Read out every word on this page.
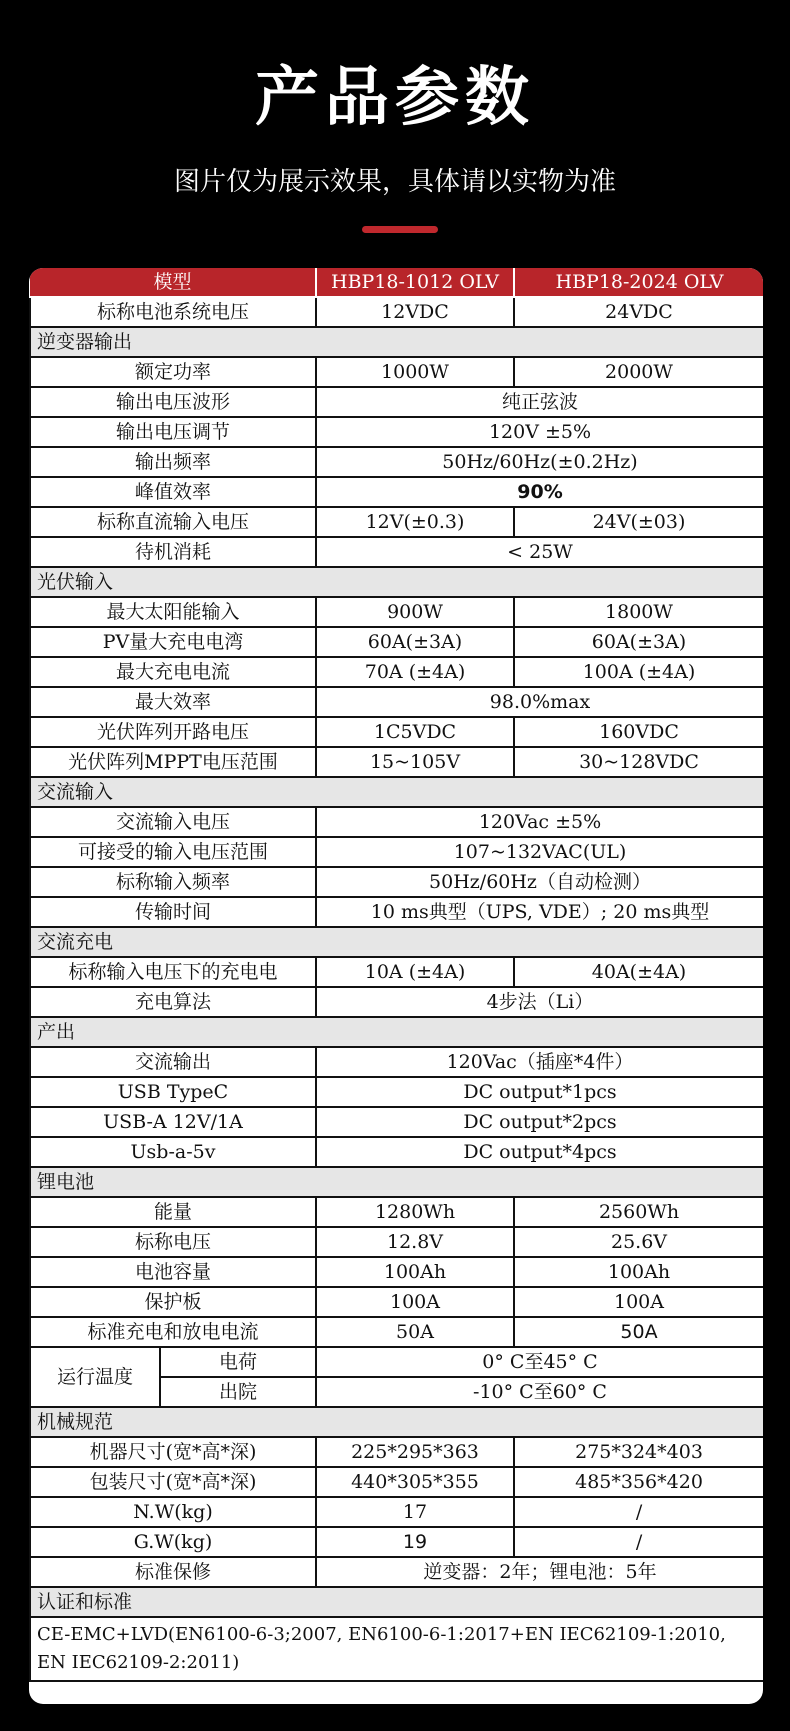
产品参数
图片仅为展示效果，具体请以实物为准
模型	HBP18-1012 OLV	HBP18-2024 OLV
标称电池系统电压	12VDC	24VDC
逆变器输出		
额定功率	1000W	2000W
输出电压波形	纯正弦波	
输出电压调节	120V ±5%	
输出频率	50Hz/60Hz(±0.2Hz)	
峰值效率	90%	
标称直流输入电压	12V(±0.3)	24V(±03)
待机消耗	< 25W	
光伏输入		
最大太阳能输入	900W	1800W
PV量大充电电湾	60A(±3A)	60A(±3A)
最大充电电流	70A (±4A)	100A (±4A)
最大效率	98.0%max	
光伏阵列开路电压	1C5VDC	160VDC
光伏阵列MPPT电压范围	15~105V	30~128VDC
交流输入		
交流输入电压	120Vac ±5%	
可接受的输入电压范围	107~132VAC(UL)	
标称输入频率	50Hz/60Hz（自动检测）	
传输时间	10 ms典型（UPS, VDE）; 20 ms典型	
交流充电		
标称输入电压下的充电电	10A (±4A)	40A(±4A)
充电算法	4步法（Li）	
产出		
交流输出	120Vac（插座*4件）	
USB TypeC	DC output*1pcs	
USB-A 12V/1A	DC output*2pcs	
Usb-a-5v	DC output*4pcs	
锂电池		
能量	1280Wh	2560Wh
标称电压	12.8V	25.6V
电池容量	100Ah	100Ah
保护板	100A	100A
标准充电和放电电流	50A	50A
运行温度	电荷	0° C至45° C
	出院	-10° C至60° C
机械规范		
机器尺寸(宽*高*深)	225*295*363	275*324*403
包装尺寸(宽*高*深)	440*305*355	485*356*420
N.W(kg)	17	/
G.W(kg)	19	/
标准保修	逆变器：2年；锂电池：5年	
认证和标准		
CE-EMC+LVD(EN6100-6-3;2007, EN6100-6-1:2017+EN IEC62109-1:2010, EN IEC62109-2:2011)		
